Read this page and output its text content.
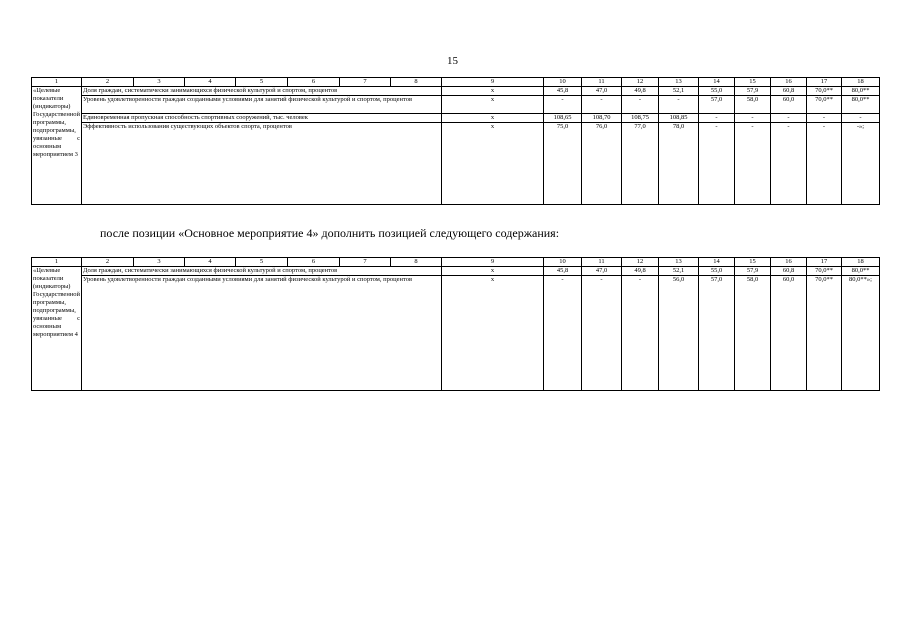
15
1	2	3	4	5	6	7	8	9	10	11	12	13	14	15	16	17	18
«Целевые показатели (индикаторы) Государственной программы, подпрограммы, увязанные с основным мероприятием 3	Доля граждан, систематически занимающихся физической культурой и спортом, процентов							х	45,8	47,0	49,8	52,1	55,0	57,9	60,8	70,0**	80,0**
	Уровень удовлетворенности граждан созданными условиями для занятий физической культурой и спортом, процентов							х	-	-	-	-	57,0	58,0	60,0	70,0**	80,0**
	Единовременная пропускная способность спортивных сооружений, тыс. человек							х	108,65	108,70	108,75	108,85	-	-	-	-	-
	Эффективность использования существующих объектов спорта, процентов							х	75,0	76,0	77,0	78,0	-	-	-	-	-»;
после позиции «Основное мероприятие 4» дополнить позицией следующего содержания:
1	2	3	4	5	6	7	8	9	10	11	12	13	14	15	16	17	18
«Целевые показатели (индикаторы) Государственной программы, подпрограммы, увязанные с основным мероприятием 4	Доля граждан, систематически занимающихся физической культурой и спортом, процентов							х	45,8	47,0	49,8	52,1	55,0	57,9	60,8	70,0**	80,0**
	Уровень удовлетворенности граждан созданными условиями для занятий физической культурой и спортом, процентов							х	-	-	-	56,0	57,0	58,0	60,0	70,0**	80,0**»;
